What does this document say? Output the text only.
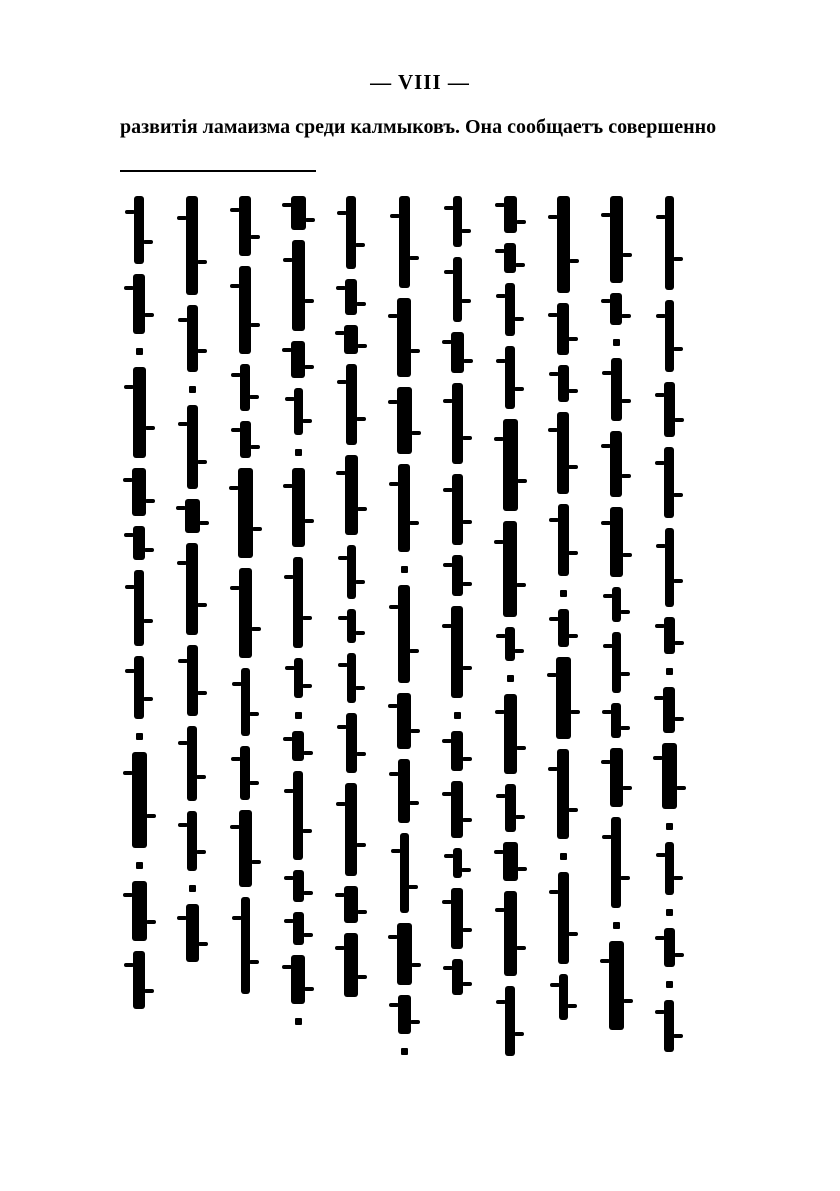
— VIII —
развитія ламаизма среди калмыковъ. Она сообщаетъ совершенно
